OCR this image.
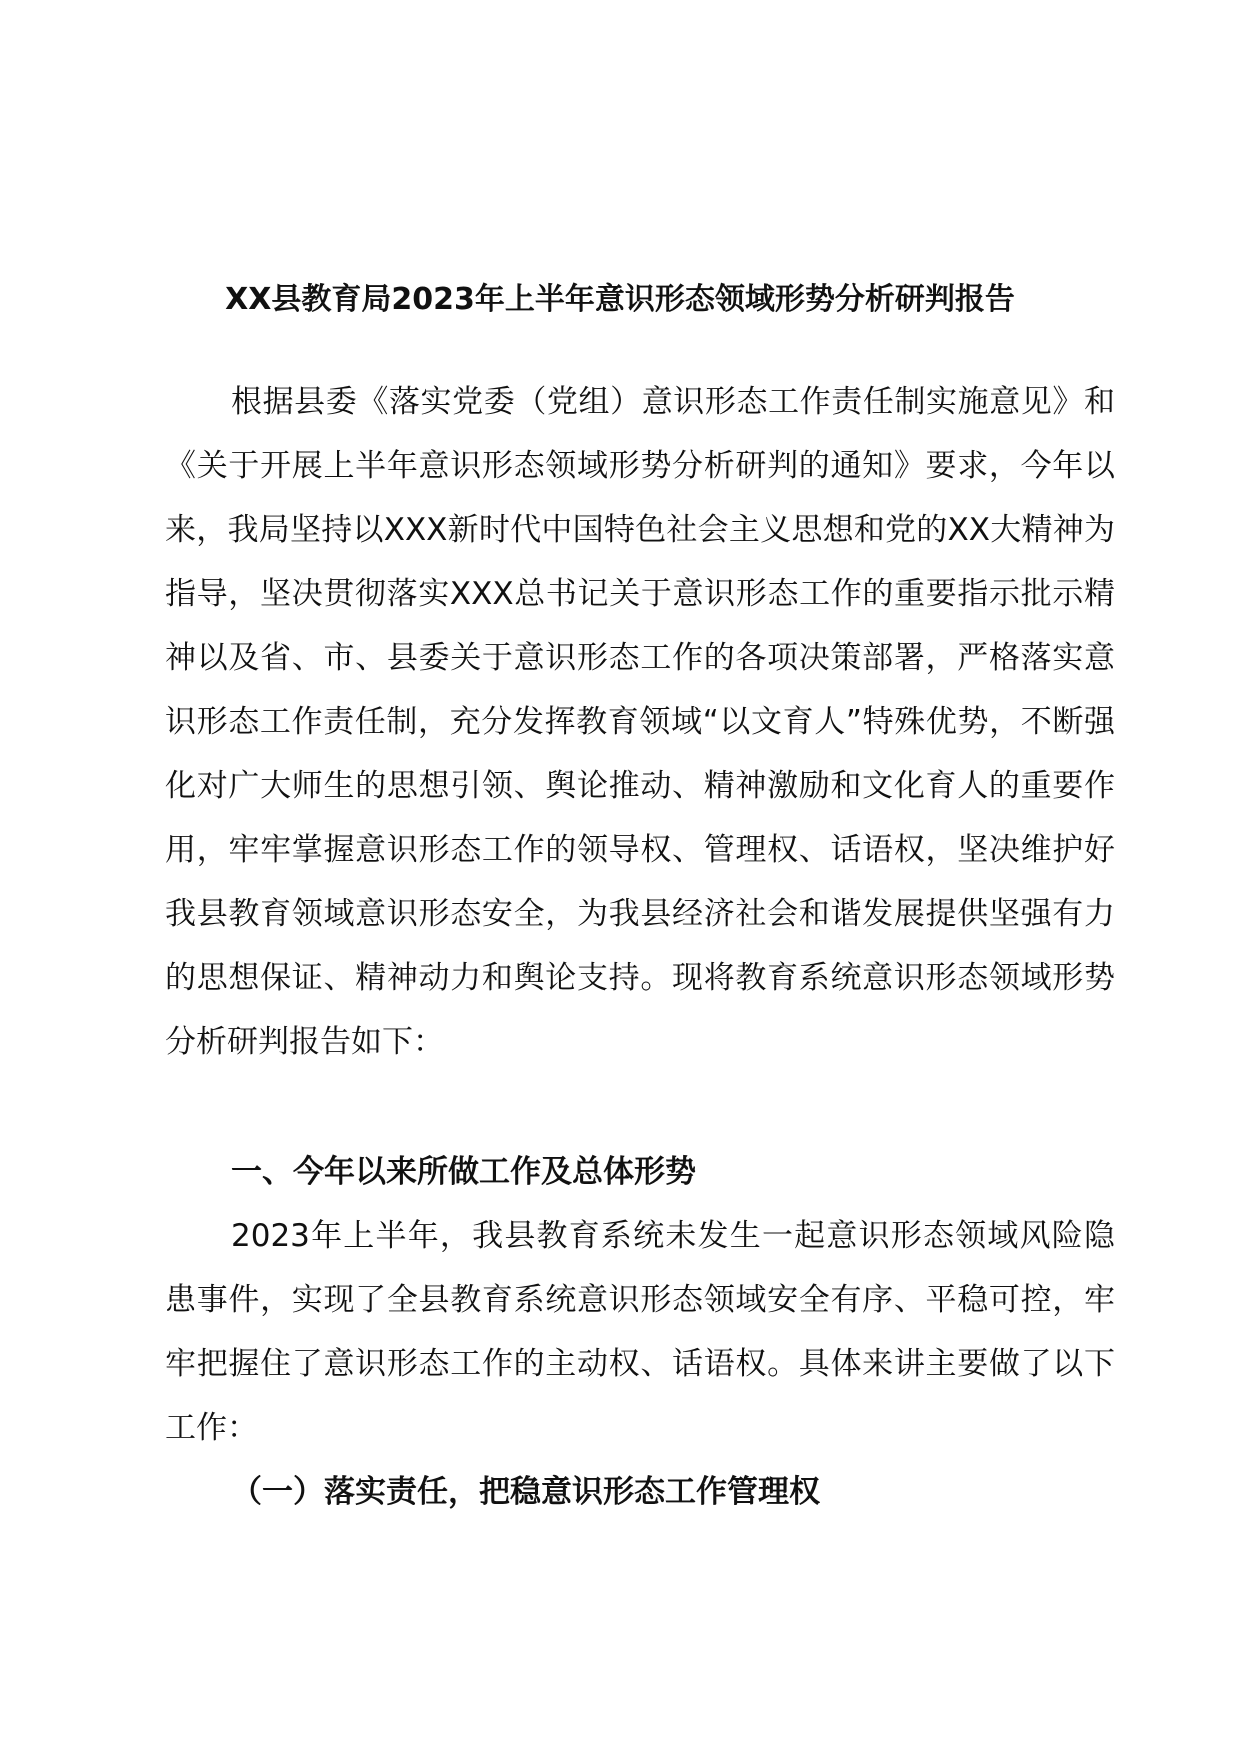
XX县教育局2023年上半年意识形态领域形势分析研判报告

根据县委《落实党委（党组）意识形态工作责任制实施意见》和《关于开展上半年意识形态领域形势分析研判的通知》要求，今年以来，我局坚持以XXX新时代中国特色社会主义思想和党的XX大精神为指导，坚决贯彻落实XXX总书记关于意识形态工作的重要指示批示精神以及省、市、县委关于意识形态工作的各项决策部署，严格落实意识形态工作责任制，充分发挥教育领域“以文育人”特殊优势，不断强化对广大师生的思想引领、舆论推动、精神激励和文化育人的重要作用，牢牢掌握意识形态工作的领导权、管理权、话语权，坚决维护好我县教育领域意识形态安全，为我县经济社会和谐发展提供坚强有力的思想保证、精神动力和舆论支持。现将教育系统意识形态领域形势分析研判报告如下：

一、今年以来所做工作及总体形势

2023年上半年，我县教育系统未发生一起意识形态领域风险隐患事件，实现了全县教育系统意识形态领域安全有序、平稳可控，牢牢把握住了意识形态工作的主动权、话语权。具体来讲主要做了以下工作：

（一）落实责任，把稳意识形态工作管理权
